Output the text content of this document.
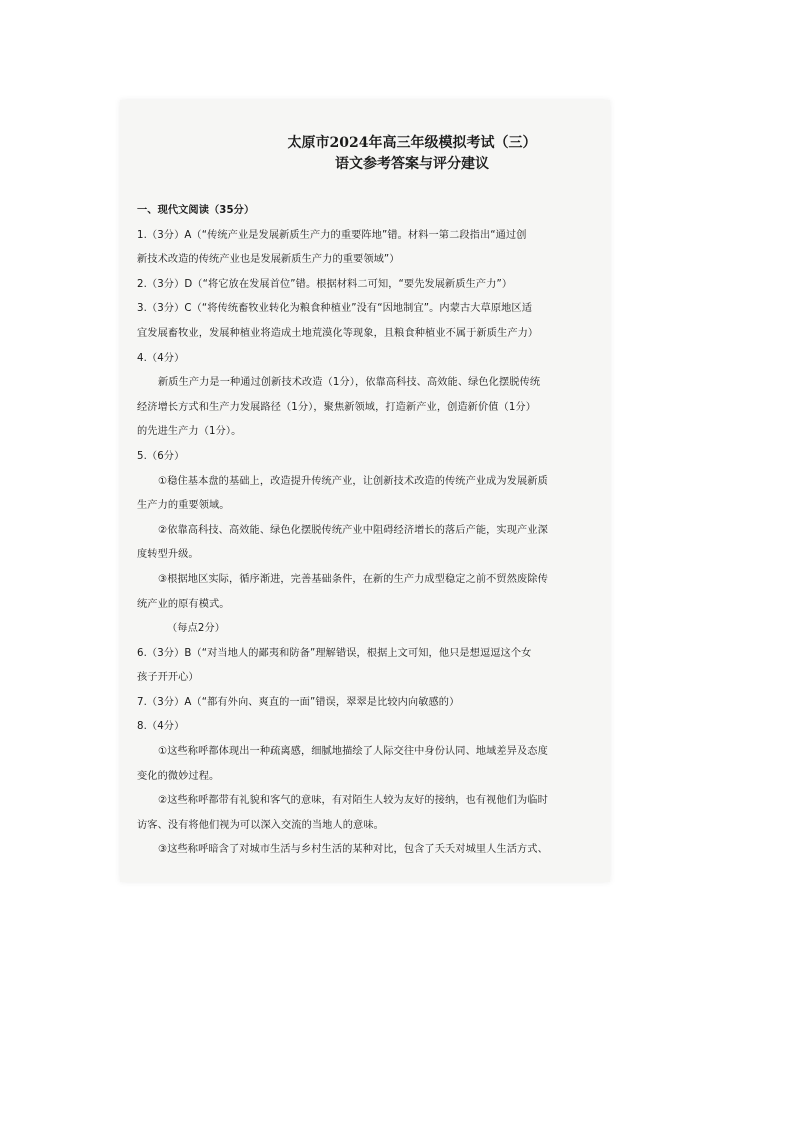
太原市2024年高三年级模拟考试（三）
语文参考答案与评分建议
一、现代文阅读（35分）
1.（3分）A（“传统产业是发展新质生产力的重要阵地”错。材料一第二段指出“通过创
新技术改造的传统产业也是发展新质生产力的重要领域”）
2.（3分）D（“将它放在发展首位”错。根据材料二可知，“要先发展新质生产力”）
3.（3分）C（“将传统畜牧业转化为粮食种植业”没有“因地制宜”。内蒙古大草原地区适
宜发展畜牧业，发展种植业将造成土地荒漠化等现象，且粮食种植业不属于新质生产力）
4.（4分）
新质生产力是一种通过创新技术改造（1分），依靠高科技、高效能、绿色化摆脱传统
经济增长方式和生产力发展路径（1分），聚焦新领域，打造新产业，创造新价值（1分）
的先进生产力（1分）。
5.（6分）
①稳住基本盘的基础上，改造提升传统产业，让创新技术改造的传统产业成为发展新质
生产力的重要领域。
②依靠高科技、高效能、绿色化摆脱传统产业中阻碍经济增长的落后产能，实现产业深
度转型升级。
③根据地区实际，循序渐进，完善基础条件，在新的生产力成型稳定之前不贸然废除传
统产业的原有模式。
（每点2分）
6.（3分）B（“对当地人的鄙夷和防备”理解错误，根据上文可知，他只是想逗逗这个女
孩子开开心）
7.（3分）A（“都有外向、爽直的一面”错误，翠翠是比较内向敏感的）
8.（4分）
①这些称呼都体现出一种疏离感，细腻地描绘了人际交往中身份认同、地域差异及态度
变化的微妙过程。
②这些称呼都带有礼貌和客气的意味，有对陌生人较为友好的接纳，也有视他们为临时
访客、没有将他们视为可以深入交流的当地人的意味。
③这些称呼暗含了对城市生活与乡村生活的某种对比，包含了夭夭对城里人生活方式、
